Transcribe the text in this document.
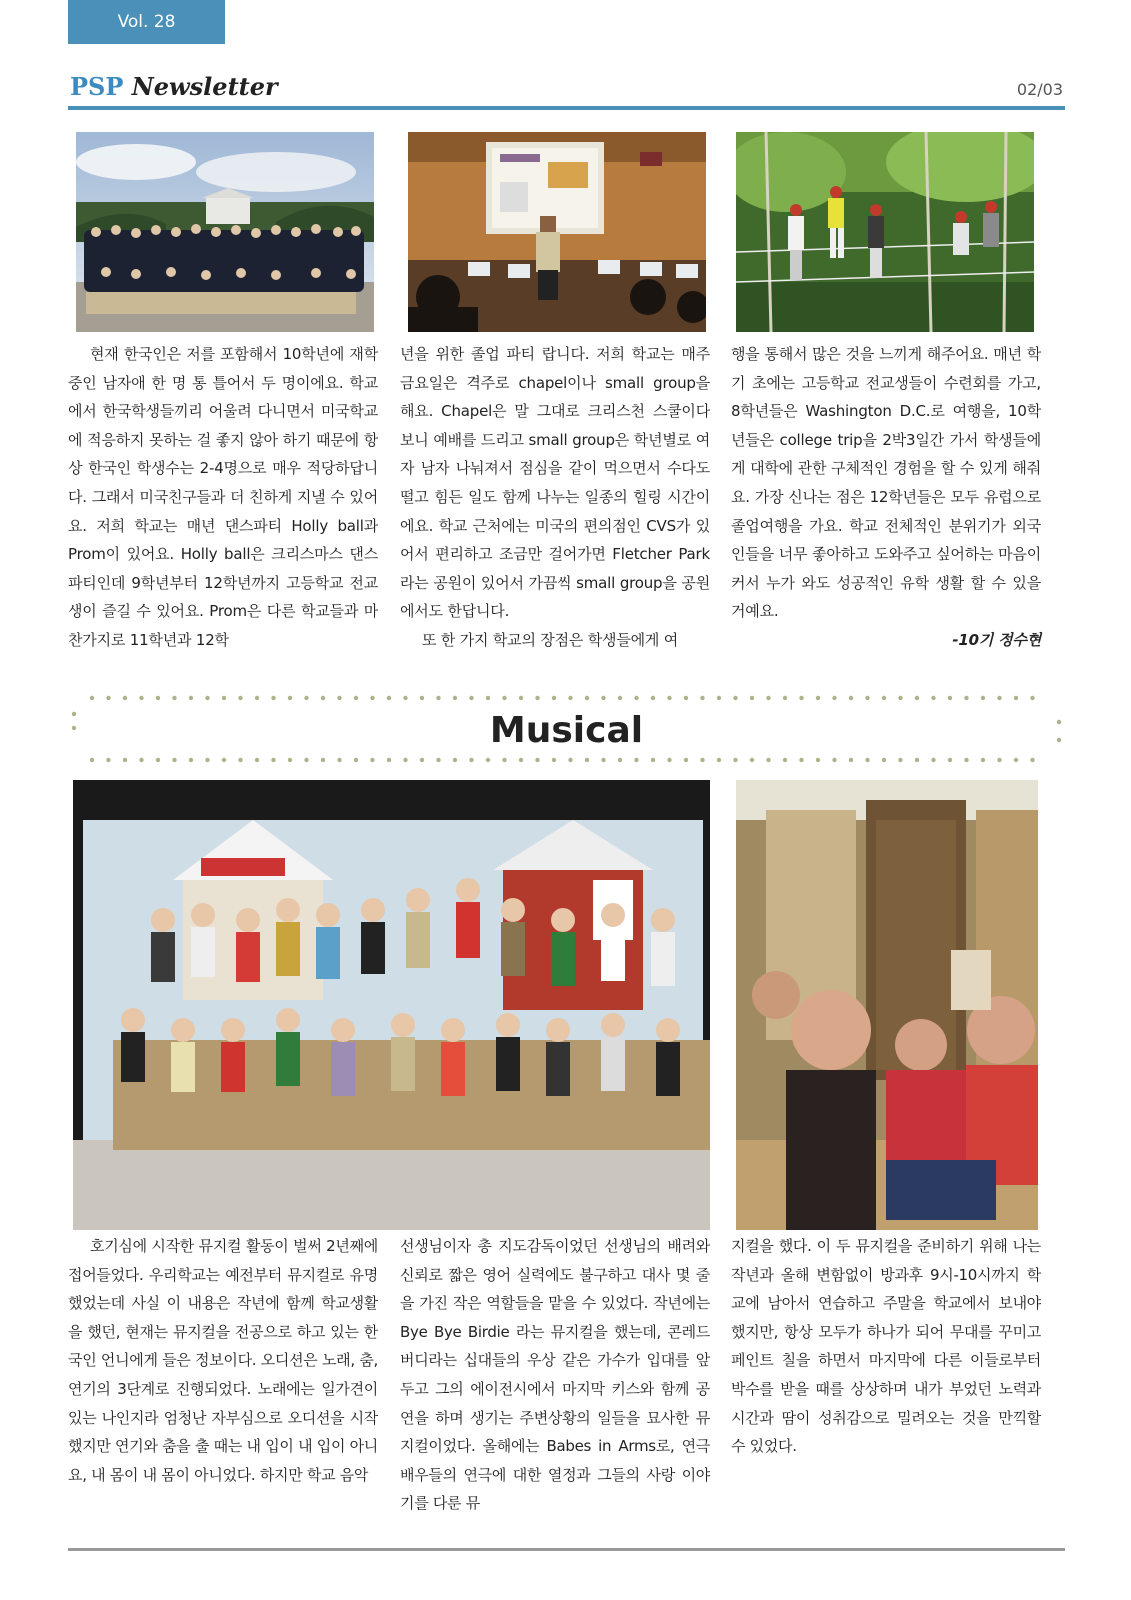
Vol. 28
PSP Newsletter	02/03

현재 한국인은 저를 포함해서 10학년에 재학중인 남자애 한 명 통 틀어서 두 명이에요. 학교에서 한국학생들끼리 어울려 다니면서 미국학교에 적응하지 못하는 걸 좋지 않아 하기 때문에 항상 한국인 학생수는 2-4명으로 매우 적당하답니다. 그래서 미국친구들과 더 친하게 지낼 수 있어요. 저희 학교는 매년 댄스파티 Holly ball과 Prom이 있어요. Holly ball은 크리스마스 댄스파티인데 9학년부터 12학년까지 고등학교 전교생이 즐길 수 있어요. Prom은 다른 학교들과 마찬가지로 11학년과 12학

년을 위한 졸업 파티 랍니다. 저희 학교는 매주 금요일은 격주로 chapel이나 small group을 해요. Chapel은 말 그대로 크리스천 스쿨이다 보니 예배를 드리고 small group은 학년별로 여자 남자 나눠져서 점심을 같이 먹으면서 수다도 떨고 힘든 일도 함께 나누는 일종의 힐링 시간이에요. 학교 근처에는 미국의 편의점인 CVS가 있어서 편리하고 조금만 걸어가면 Fletcher Park라는 공원이 있어서 가끔씩 small group을 공원에서도 한답니다.

또 한 가지 학교의 장점은 학생들에게 여

행을 통해서 많은 것을 느끼게 해주어요. 매년 학기 초에는 고등학교 전교생들이 수련회를 가고, 8학년들은 Washington D.C.로 여행을, 10학년들은 college trip을 2박3일간 가서 학생들에게 대학에 관한 구체적인 경험을 할 수 있게 해줘요. 가장 신나는 점은 12학년들은 모두 유럽으로 졸업여행을 가요. 학교 전체적인 분위기가 외국인들을 너무 좋아하고 도와주고 싶어하는 마음이 커서 누가 와도 성공적인 유학 생활 할 수 있을 거예요.

-10기 정수현

Musical

호기심에 시작한 뮤지컬 활동이 벌써 2년째에 접어들었다. 우리학교는 예전부터 뮤지컬로 유명했었는데 사실 이 내용은 작년에 함께 학교생활을 했던, 현재는 뮤지컬을 전공으로 하고 있는 한국인 언니에게 들은 정보이다. 오디션은 노래, 춤, 연기의 3단계로 진행되었다. 노래에는 일가견이 있는 나인지라 엄청난 자부심으로 오디션을 시작했지만 연기와 춤을 출 때는 내 입이 내 입이 아니요, 내 몸이 내 몸이 아니었다. 하지만 학교 음악

선생님이자 총 지도감독이었던 선생님의 배려와 신뢰로 짧은 영어 실력에도 불구하고 대사 몇 줄을 가진 작은 역할들을 맡을 수 있었다. 작년에는 Bye Bye Birdie 라는 뮤지컬을 했는데, 콘레드 버디라는 십대들의 우상 같은 가수가 입대를 앞두고 그의 에이전시에서 마지막 키스와 함께 공연을 하며 생기는 주변상황의 일들을 묘사한 뮤지컬이었다. 올해에는 Babes in Arms로, 연극배우들의 연극에 대한 열정과 그들의 사랑 이야기를 다룬 뮤

지컬을 했다. 이 두 뮤지컬을 준비하기 위해 나는 작년과 올해 변함없이 방과후 9시-10시까지 학교에 남아서 연습하고 주말을 학교에서 보내야 했지만, 항상 모두가 하나가 되어 무대를 꾸미고 페인트 칠을 하면서 마지막에 다른 이들로부터 박수를 받을 때를 상상하며 내가 부었던 노력과시간과 땀이 성취감으로 밀려오는 것을 만끽할 수 있었다.
